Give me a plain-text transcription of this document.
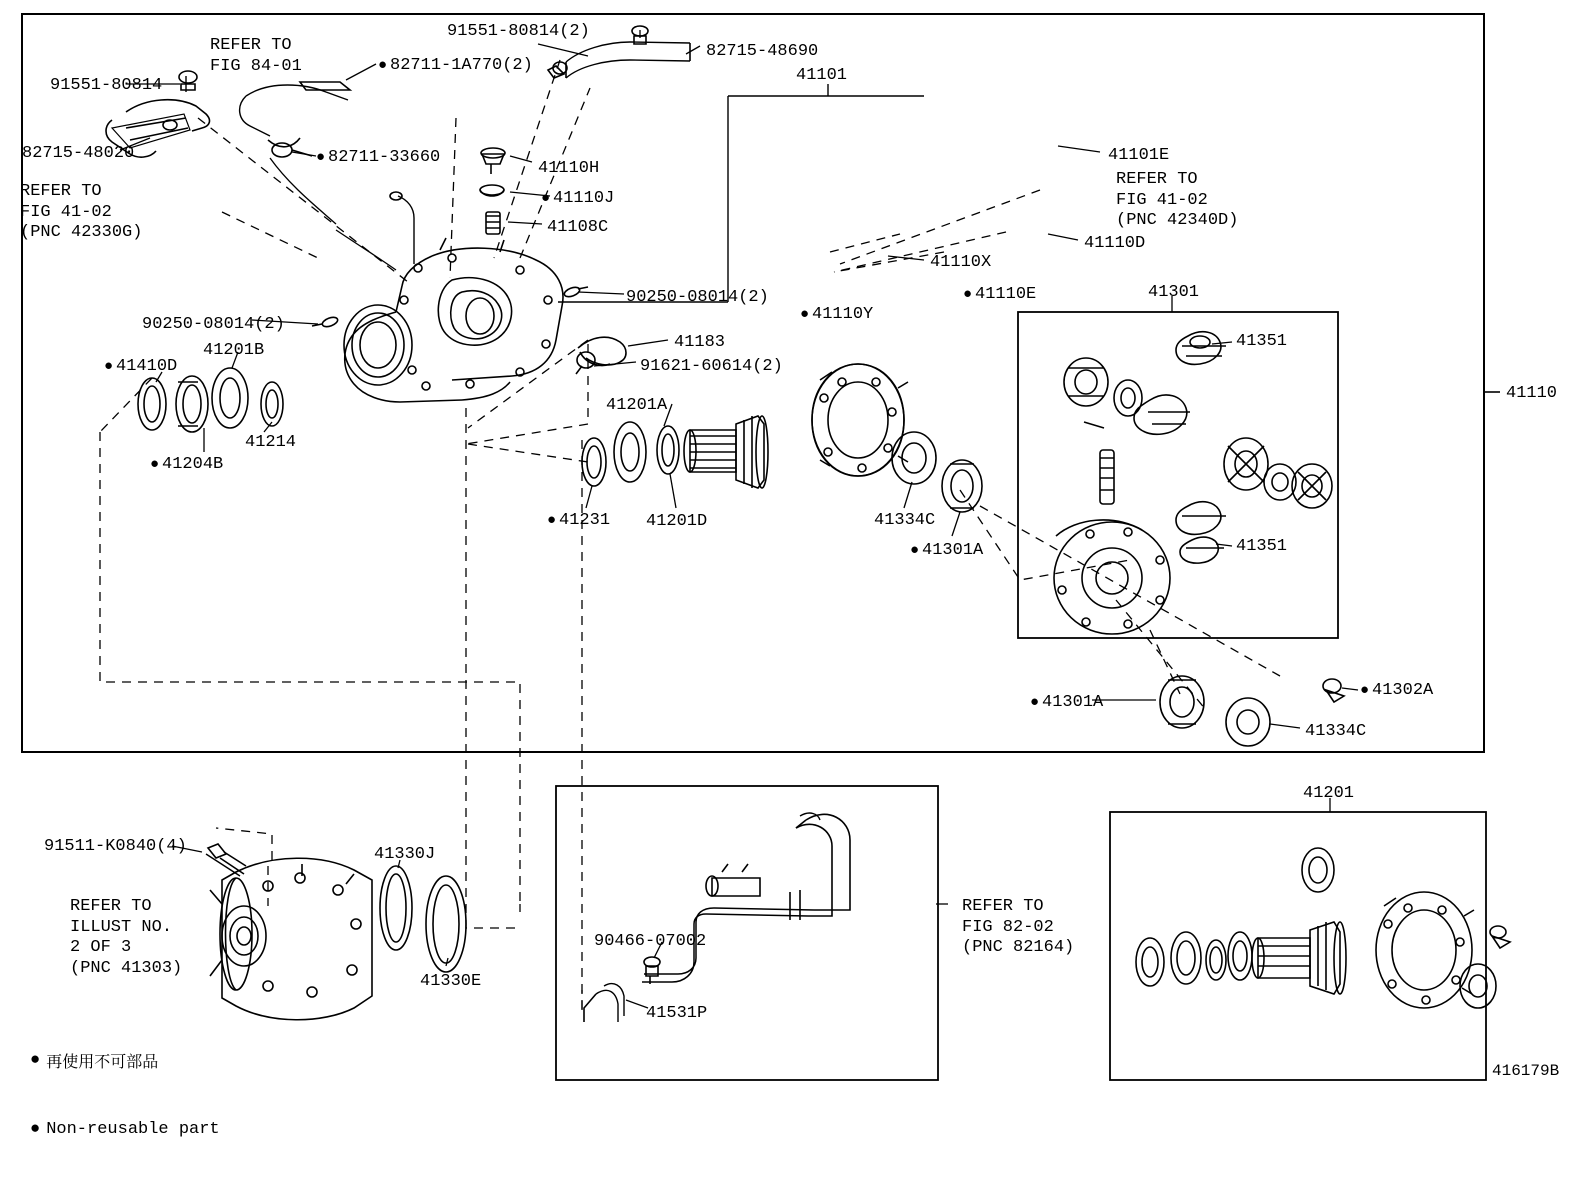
91551-80814(2)
82715-48690
● 82711-1A770(2)
91551-80814
41101
82715-48020	● 82711-33660	41101E
41110H
● 41110J
41108C
41110D
41110X
● 41110E	41301
90250-08014(2)
● 41110Y
90250-08014(2)
41183
41201B	41351
91621-60614(2)
● 41410D
41201A
41110
41214
● 41204B
41334C
● 41231 41201D
41351
● 41301A
● 41301A
● 41302A
41334C
41201
91511-K0840(4)	41330J
90466-07002
41330E
41531P
REFER TO
FIG 84-01
REFER TO
FIG 41-02
(PNC 42330G)
REFER TO
FIG 41-02
(PNC 42340D)
REFER TO
ILLUST NO.
2 OF 3
(PNC 41303)
REFER TO
FIG 82-02
(PNC 82164)

● 再使用不可部品

● Non-reusable part

416179B
